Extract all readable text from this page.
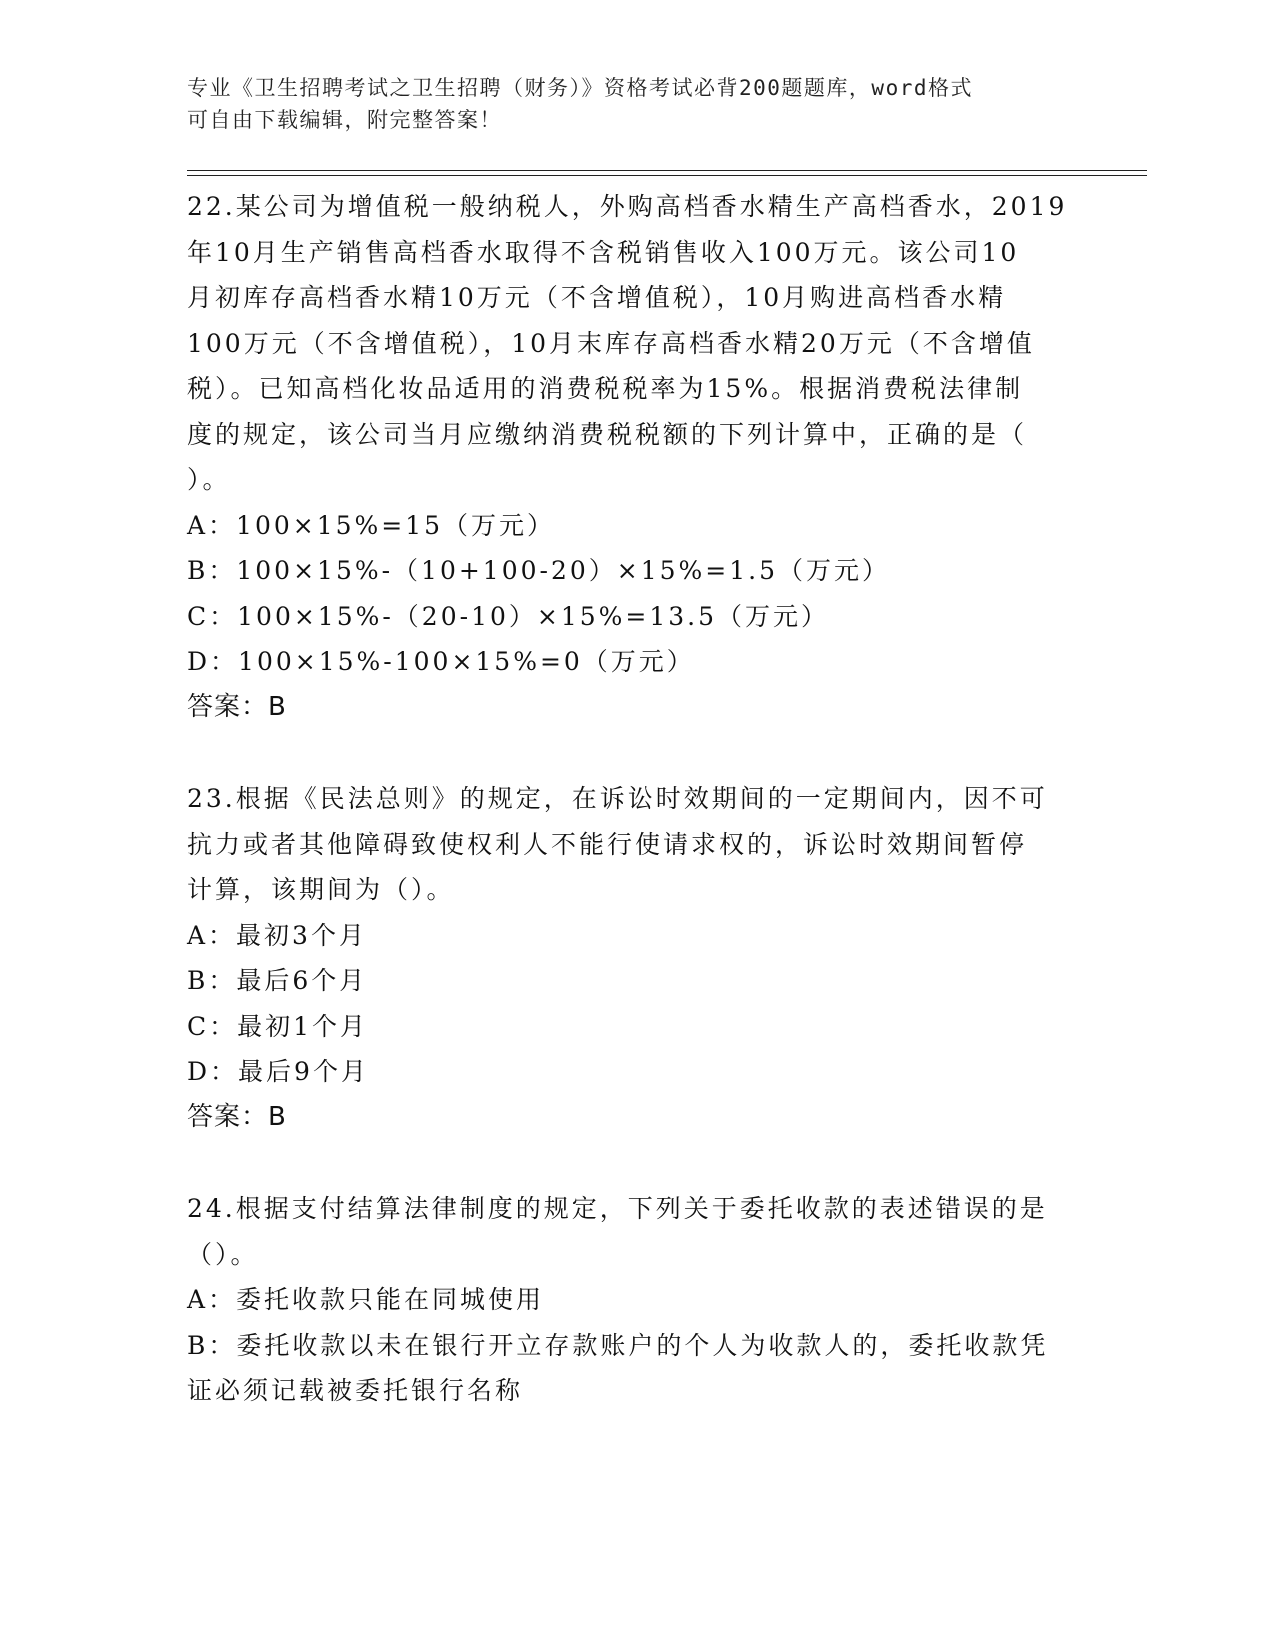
专业《卫生招聘考试之卫生招聘（财务）》资格考试必背200题题库，word格式
可自由下载编辑，附完整答案！
22.某公司为增值税一般纳税人，外购高档香水精生产高档香水，2019
年10月生产销售高档香水取得不含税销售收入100万元。该公司10
月初库存高档香水精10万元（不含增值税），10月购进高档香水精
100万元（不含增值税），10月末库存高档香水精20万元（不含增值
税）。已知高档化妆品适用的消费税税率为15%。根据消费税法律制
度的规定，该公司当月应缴纳消费税税额的下列计算中，正确的是（
）。
A：100×15%=15（万元）
B：100×15%-（10+100-20）×15%=1.5（万元）
C：100×15%-（20-10）×15%=13.5（万元）
D：100×15%-100×15%=0（万元）
答案：B
23.根据《民法总则》的规定，在诉讼时效期间的一定期间内，因不可
抗力或者其他障碍致使权利人不能行使请求权的，诉讼时效期间暂停
计算，该期间为（）。
A：最初3个月
B：最后6个月
C：最初1个月
D：最后9个月
答案：B
24.根据支付结算法律制度的规定，下列关于委托收款的表述错误的是
（）。
A：委托收款只能在同城使用
B：委托收款以未在银行开立存款账户的个人为收款人的，委托收款凭
证必须记载被委托银行名称
